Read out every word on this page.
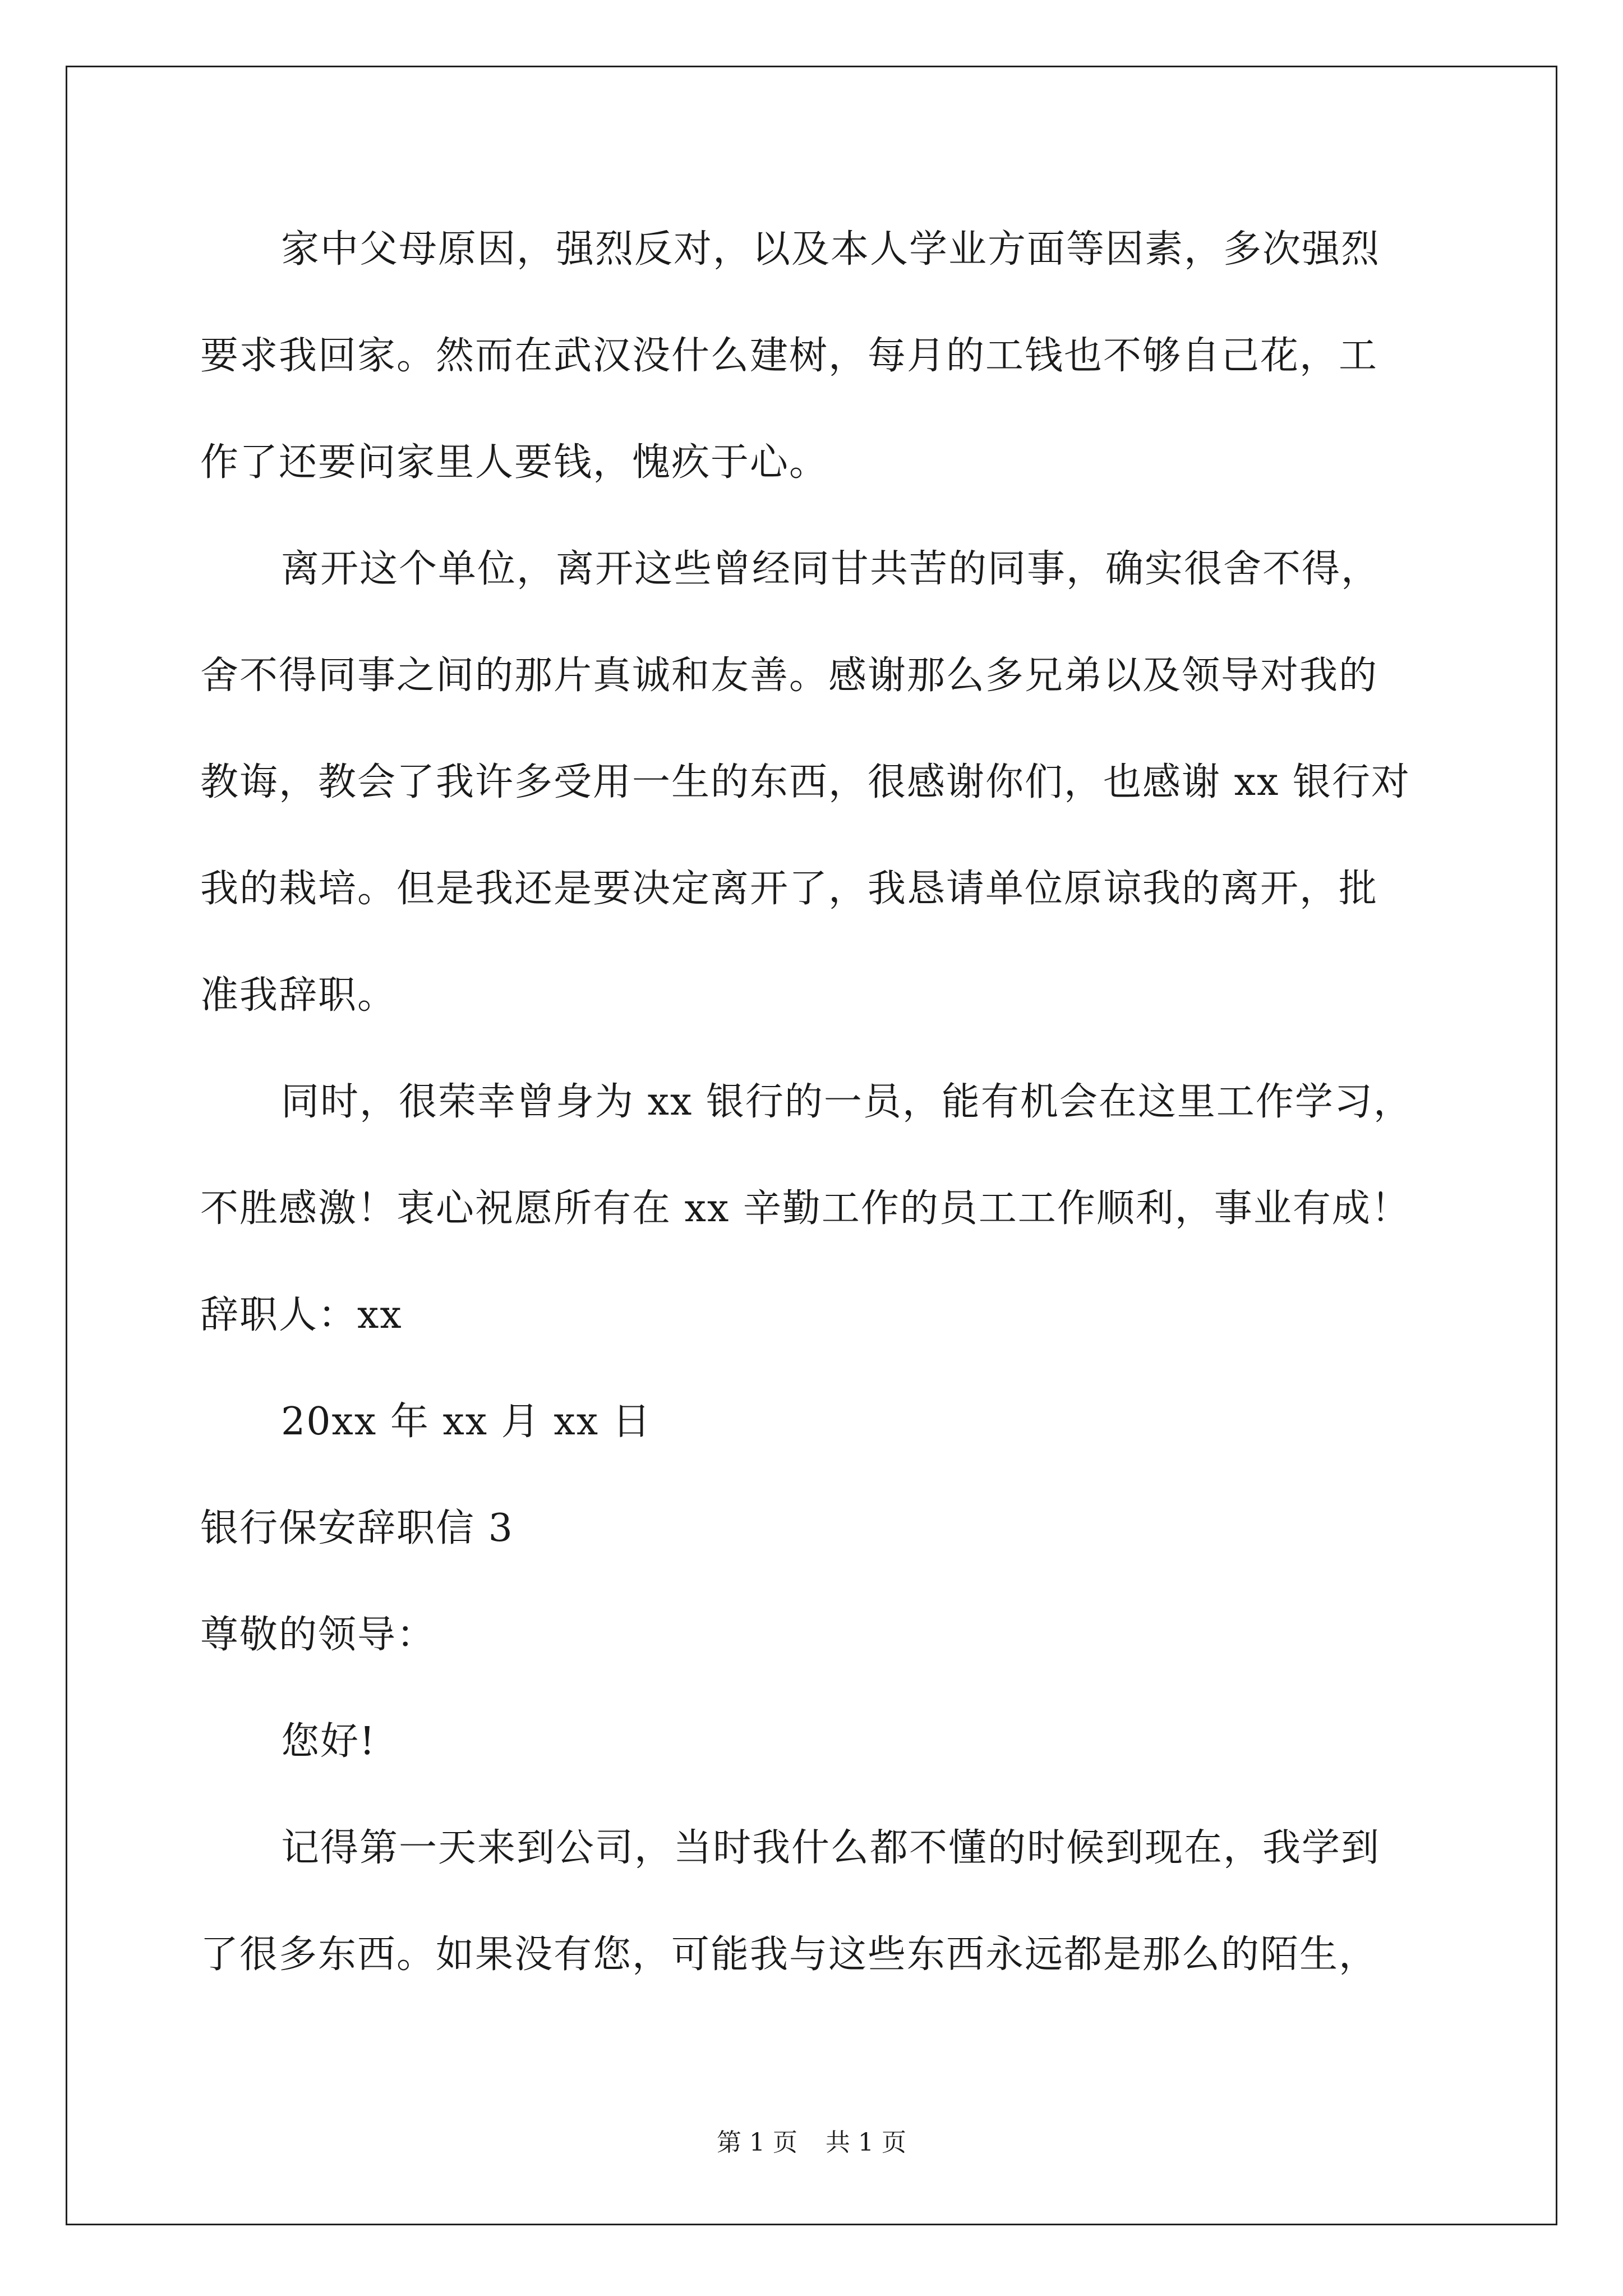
家中父母原因，强烈反对，以及本人学业方面等因素，多次强烈
要求我回家。然而在武汉没什么建树，每月的工钱也不够自己花，工
作了还要问家里人要钱，愧疚于心。
离开这个单位，离开这些曾经同甘共苦的同事，确实很舍不得，
舍不得同事之间的那片真诚和友善。感谢那么多兄弟以及领导对我的
教诲，教会了我许多受用一生的东西，很感谢你们，也感谢 xx 银行对
我的栽培。但是我还是要决定离开了，我恳请单位原谅我的离开，批
准我辞职。
同时，很荣幸曾身为 xx 银行的一员，能有机会在这里工作学习，
不胜感激！衷心祝愿所有在 xx 辛勤工作的员工工作顺利，事业有成！
辞职人：xx
20xx 年 xx 月 xx 日
银行保安辞职信 3
尊敬的领导：
您好!
记得第一天来到公司，当时我什么都不懂的时候到现在，我学到
了很多东西。如果没有您，可能我与这些东西永远都是那么的陌生，
第 1 页 共 1 页
